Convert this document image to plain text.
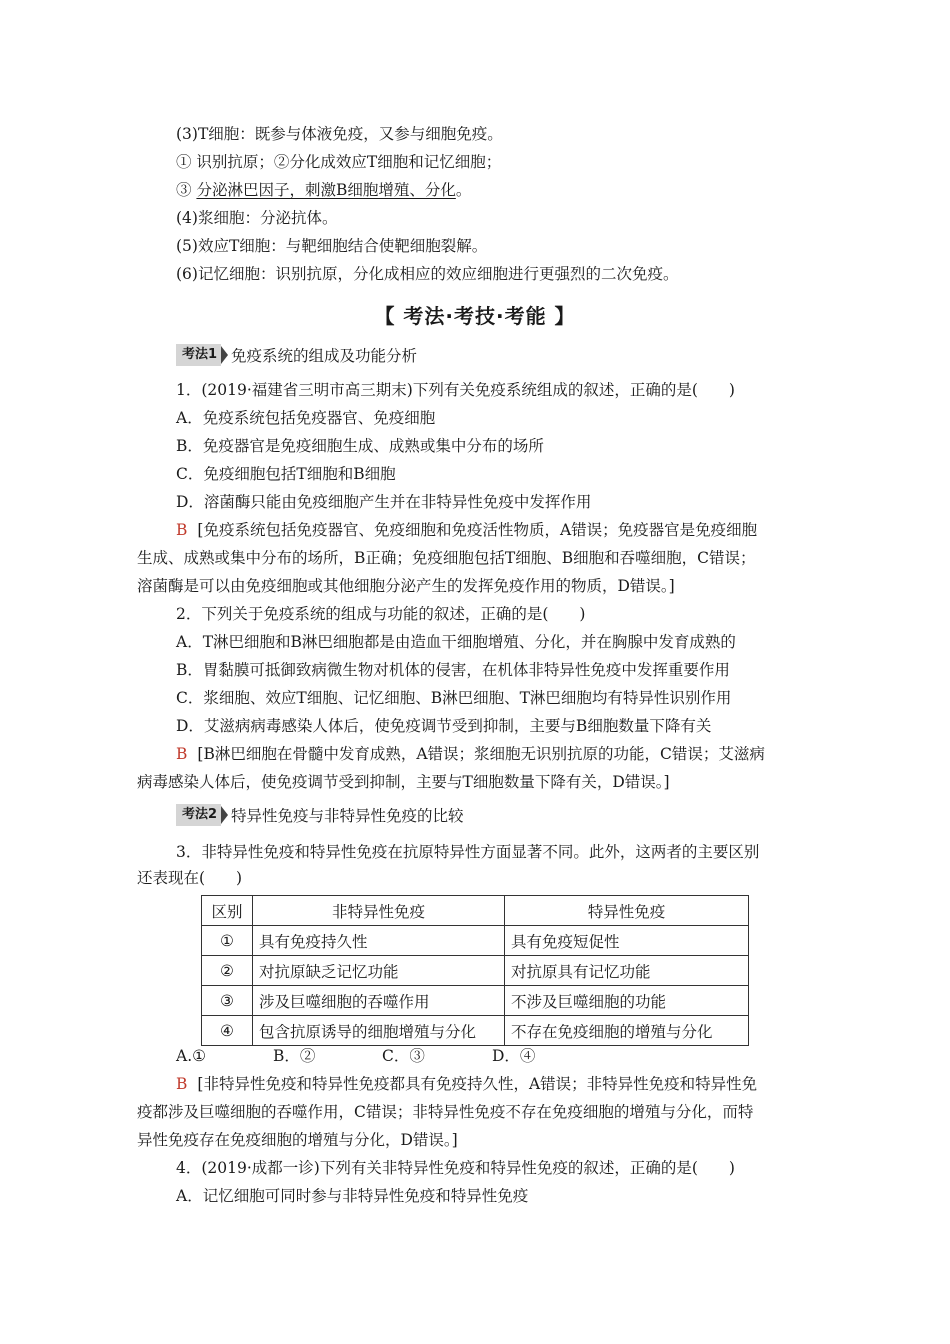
(3)T细胞：既参与体液免疫，又参与细胞免疫。
① 识别抗原；②分化成效应T细胞和记忆细胞；
③ 分泌淋巴因子，刺激B细胞增殖、分化。
(4)浆细胞：分泌抗体。
(5)效应T细胞：与靶细胞结合使靶细胞裂解。
(6)记忆细胞：识别抗原，分化成相应的效应细胞进行更强烈的二次免疫。
【 考法·考技·考能 】
考法1 免疫系统的组成及功能分析
1．(2019·福建省三明市高三期末)下列有关免疫系统组成的叙述，正确的是(　　)
A．免疫系统包括免疫器官、免疫细胞
B．免疫器官是免疫细胞生成、成熟或集中分布的场所
C．免疫细胞包括T细胞和B细胞
D．溶菌酶只能由免疫细胞产生并在非特异性免疫中发挥作用
B [免疫系统包括免疫器官、免疫细胞和免疫活性物质，A错误；免疫器官是免疫细胞
生成、成熟或集中分布的场所，B正确；免疫细胞包括T细胞、B细胞和吞噬细胞，C错误；
溶菌酶是可以由免疫细胞或其他细胞分泌产生的发挥免疫作用的物质，D错误。]
2．下列关于免疫系统的组成与功能的叙述，正确的是(　　)
A．T淋巴细胞和B淋巴细胞都是由造血干细胞增殖、分化，并在胸腺中发育成熟的
B．胃黏膜可抵御致病微生物对机体的侵害，在机体非特异性免疫中发挥重要作用
C．浆细胞、效应T细胞、记忆细胞、B淋巴细胞、T淋巴细胞均有特异性识别作用
D．艾滋病病毒感染人体后，使免疫调节受到抑制，主要与B细胞数量下降有关
B [B淋巴细胞在骨髓中发育成熟，A错误；浆细胞无识别抗原的功能，C错误；艾滋病
病毒感染人体后，使免疫调节受到抑制，主要与T细胞数量下降有关，D错误。]
考法2 特异性免疫与非特异性免疫的比较
3．非特异性免疫和特异性免疫在抗原特异性方面显著不同。此外，这两者的主要区别
还表现在(　　)
区别	非特异性免疫	特异性免疫
①	具有免疫持久性	具有免疫短促性
②	对抗原缺乏记忆功能	对抗原具有记忆功能
③	涉及巨噬细胞的吞噬作用	不涉及巨噬细胞的功能
④	包含抗原诱导的细胞增殖与分化	不存在免疫细胞的增殖与分化
A.①	B．②	C．③	D．④
B [非特异性免疫和特异性免疫都具有免疫持久性，A错误；非特异性免疫和特异性免
疫都涉及巨噬细胞的吞噬作用，C错误；非特异性免疫不存在免疫细胞的增殖与分化，而特
异性免疫存在免疫细胞的增殖与分化，D错误。]
4．(2019·成都一诊)下列有关非特异性免疫和特异性免疫的叙述，正确的是(　　)
A．记忆细胞可同时参与非特异性免疫和特异性免疫
